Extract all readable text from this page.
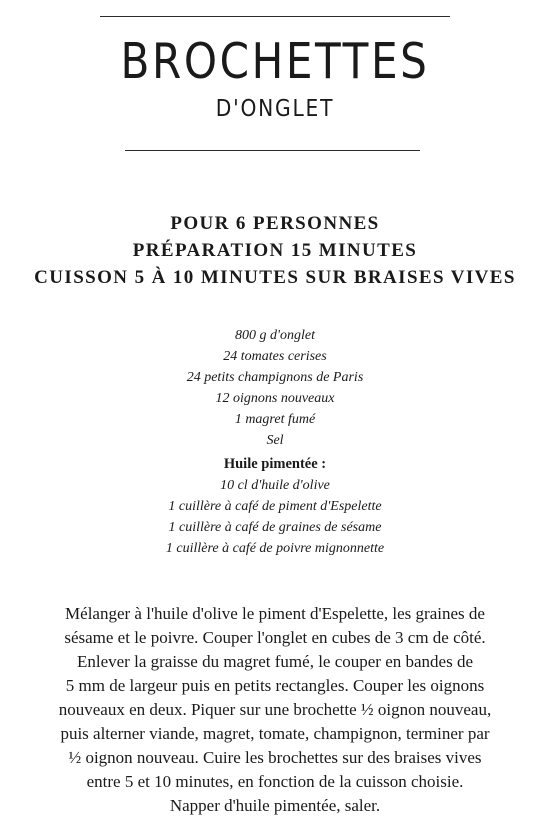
BROCHETTES
D'ONGLET
POUR 6 PERSONNES
PRÉPARATION 15 MINUTES
CUISSON 5 À 10 MINUTES SUR BRAISES VIVES
800 g d'onglet
24 tomates cerises
24 petits champignons de Paris
12 oignons nouveaux
1 magret fumé
Sel
Huile pimentée :
10 cl d'huile d'olive
1 cuillère à café de piment d'Espelette
1 cuillère à café de graines de sésame
1 cuillère à café de poivre mignonnette
Mélanger à l'huile d'olive le piment d'Espelette, les graines de
sésame et le poivre. Couper l'onglet en cubes de 3 cm de côté.
Enlever la graisse du magret fumé, le couper en bandes de
5 mm de largeur puis en petits rectangles. Couper les oignons
nouveaux en deux. Piquer sur une brochette ½ oignon nouveau,
puis alterner viande, magret, tomate, champignon, terminer par
½ oignon nouveau. Cuire les brochettes sur des braises vives
entre 5 et 10 minutes, en fonction de la cuisson choisie.
Napper d'huile pimentée, saler.
